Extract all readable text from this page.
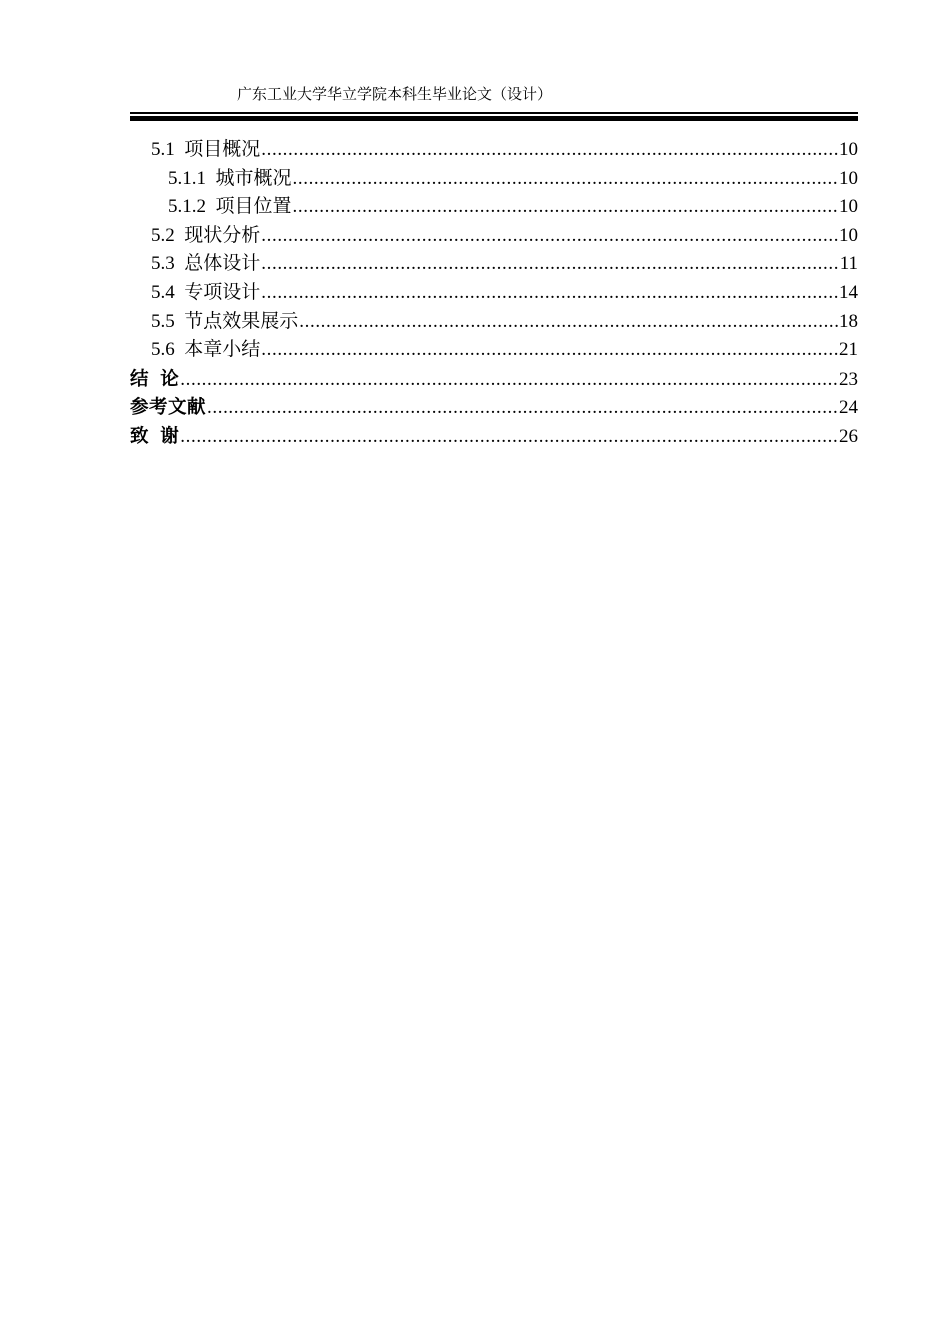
广东工业大学华立学院本科生毕业论文（设计）
5.1  项目概况 .....	10
5.1.1  城市概况 .....	10
5.1.2  项目位置 .....	10
5.2  现状分析 .....	10
5.3  总体设计 .....	11
5.4  专项设计 .....	14
5.5  节点效果展示 .....	18
5.6  本章小结 .....	21
结  论 .....	23
参考文献 .....	24
致  谢 .....	26
